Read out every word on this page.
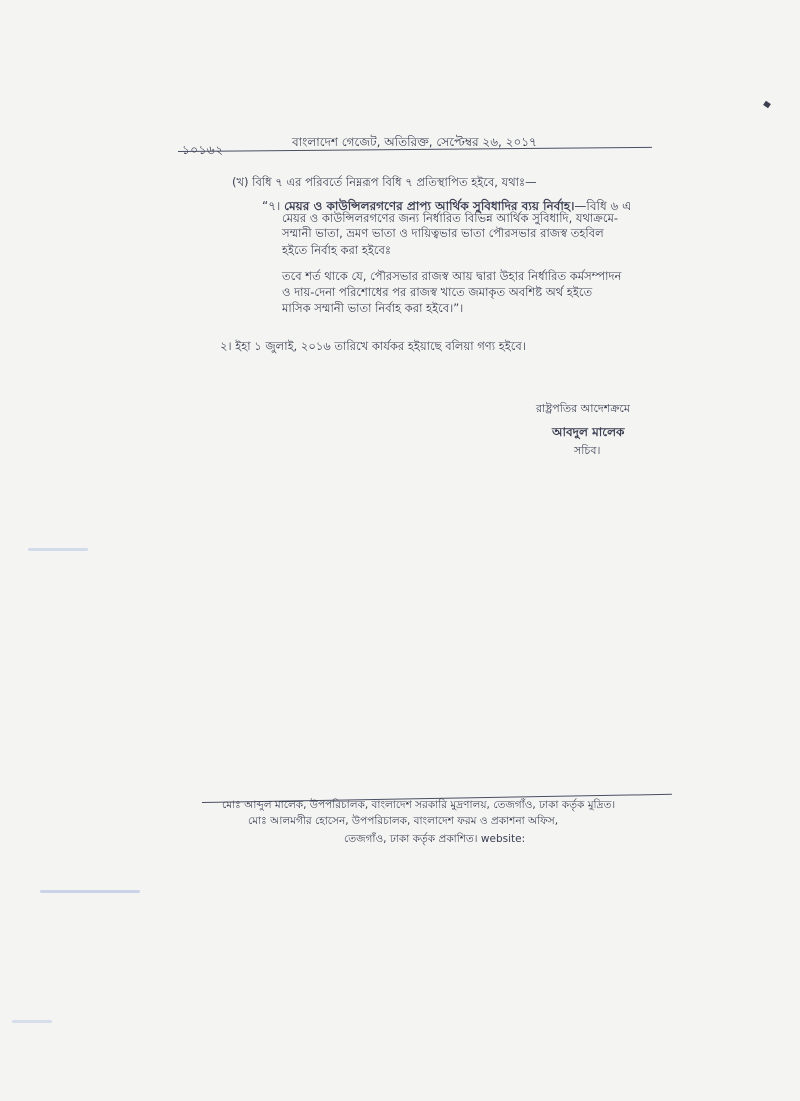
১০১৬২
বাংলাদেশ গেজেট, অতিরিক্ত, সেপ্টেম্বর ২৬, ২০১৭
(খ) বিধি ৭ এর পরিবর্তে নিম্নরূপ বিধি ৭ প্রতিস্থাপিত হইবে, যথাঃ—
“৭। মেয়র ও কাউন্সিলরগণের প্রাপ্য আর্থিক সুবিধাদির ব্যয় নির্বাহ।—বিধি ৬ এ
মেয়র ও কাউন্সিলরগণের জন্য নির্ধারিত বিভিন্ন আর্থিক সুবিধাদি, যথাক্রমে-
সম্মানী ভাতা, ভ্রমণ ভাতা ও দায়িত্বভার ভাতা পৌরসভার রাজস্ব তহবিল
হইতে নির্বাহ করা হইবেঃ
তবে শর্ত থাকে যে, পৌরসভার রাজস্ব আয় দ্বারা উহার নির্ধারিত কর্মসম্পাদন
ও দায়-দেনা পরিশোধের পর রাজস্ব খাতে জমাকৃত অবশিষ্ট অর্থ হইতে
মাসিক সম্মানী ভাতা নির্বাহ করা হইবে।”।
২। ইহা ১ জুলাই, ২০১৬ তারিখে কার্যকর হইয়াছে বলিয়া গণ্য হইবে।
রাষ্ট্রপতির আদেশক্রমে
আবদুল মালেক
সচিব।
মোঃ আব্দুল মালেক, উপপরিচালক, বাংলাদেশ সরকারি মুদ্রণালয়, তেজগাঁও, ঢাকা কর্তৃক মুদ্রিত।
মোঃ আলমগীর হোসেন, উপপরিচালক, বাংলাদেশ ফরম ও প্রকাশনা অফিস,
তেজগাঁও, ঢাকা কর্তৃক প্রকাশিত। website:
